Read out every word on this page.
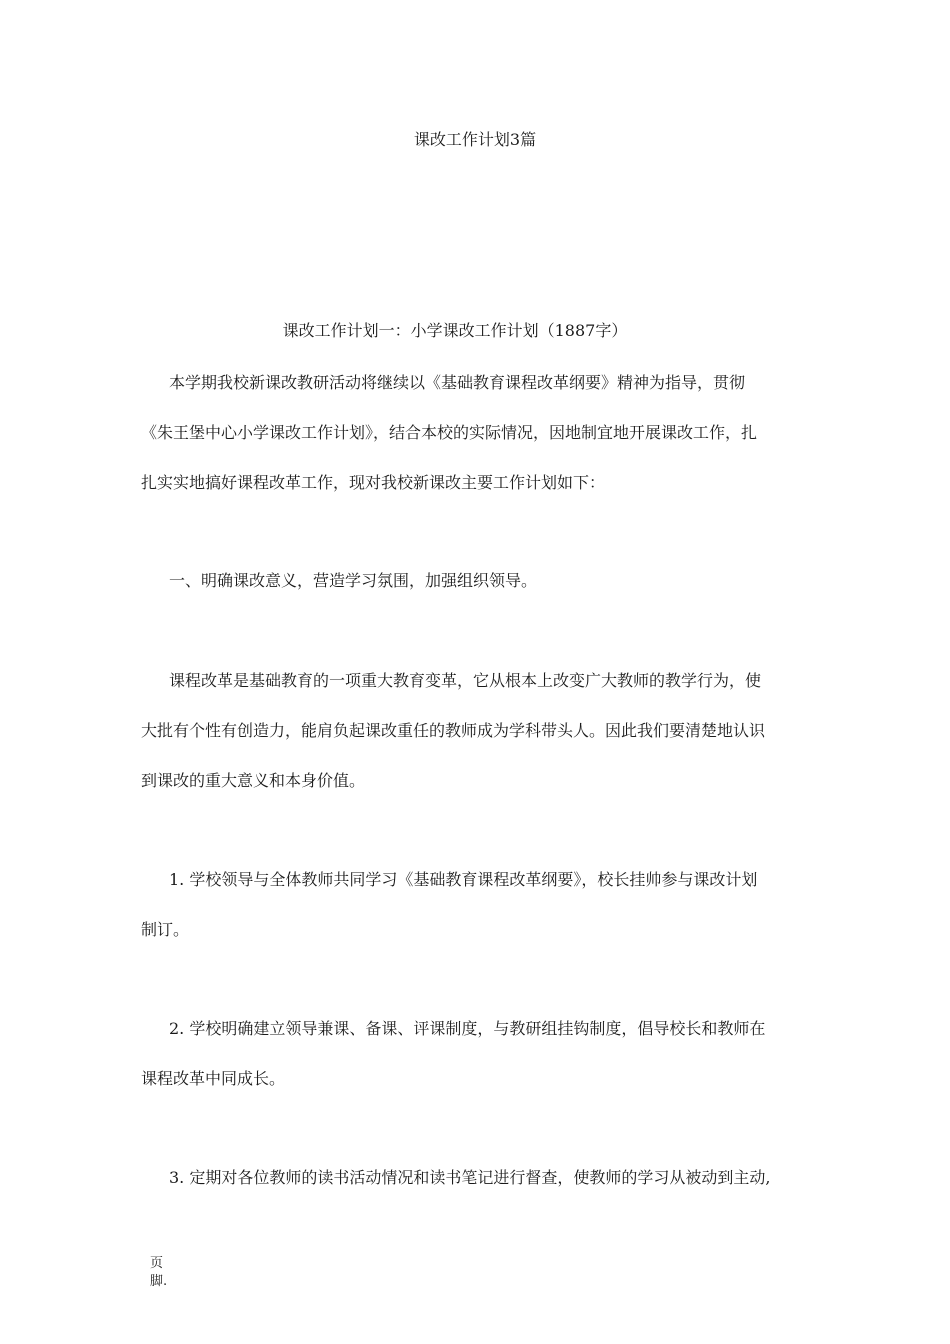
课改工作计划3篇
课改工作计划一：小学课改工作计划（1887字）
本学期我校新课改教研活动将继续以《基础教育课程改革纲要》精神为指导，贯彻
《朱王堡中心小学课改工作计划》，结合本校的实际情况，因地制宜地开展课改工作，扎
扎实实地搞好课程改革工作，现对我校新课改主要工作计划如下：
一、明确课改意义，营造学习氛围，加强组织领导。
课程改革是基础教育的一项重大教育变革，它从根本上改变广大教师的教学行为，使
大批有个性有创造力，能肩负起课改重任的教师成为学科带头人。因此我们要清楚地认识
到课改的重大意义和本身价值。
1. 学校领导与全体教师共同学习《基础教育课程改革纲要》，校长挂帅参与课改计划
制订。
2. 学校明确建立领导兼课、备课、评课制度，与教研组挂钩制度，倡导校长和教师在
课程改革中同成长。
3. 定期对各位教师的读书活动情况和读书笔记进行督查，使教师的学习从被动到主动,
页
脚.
